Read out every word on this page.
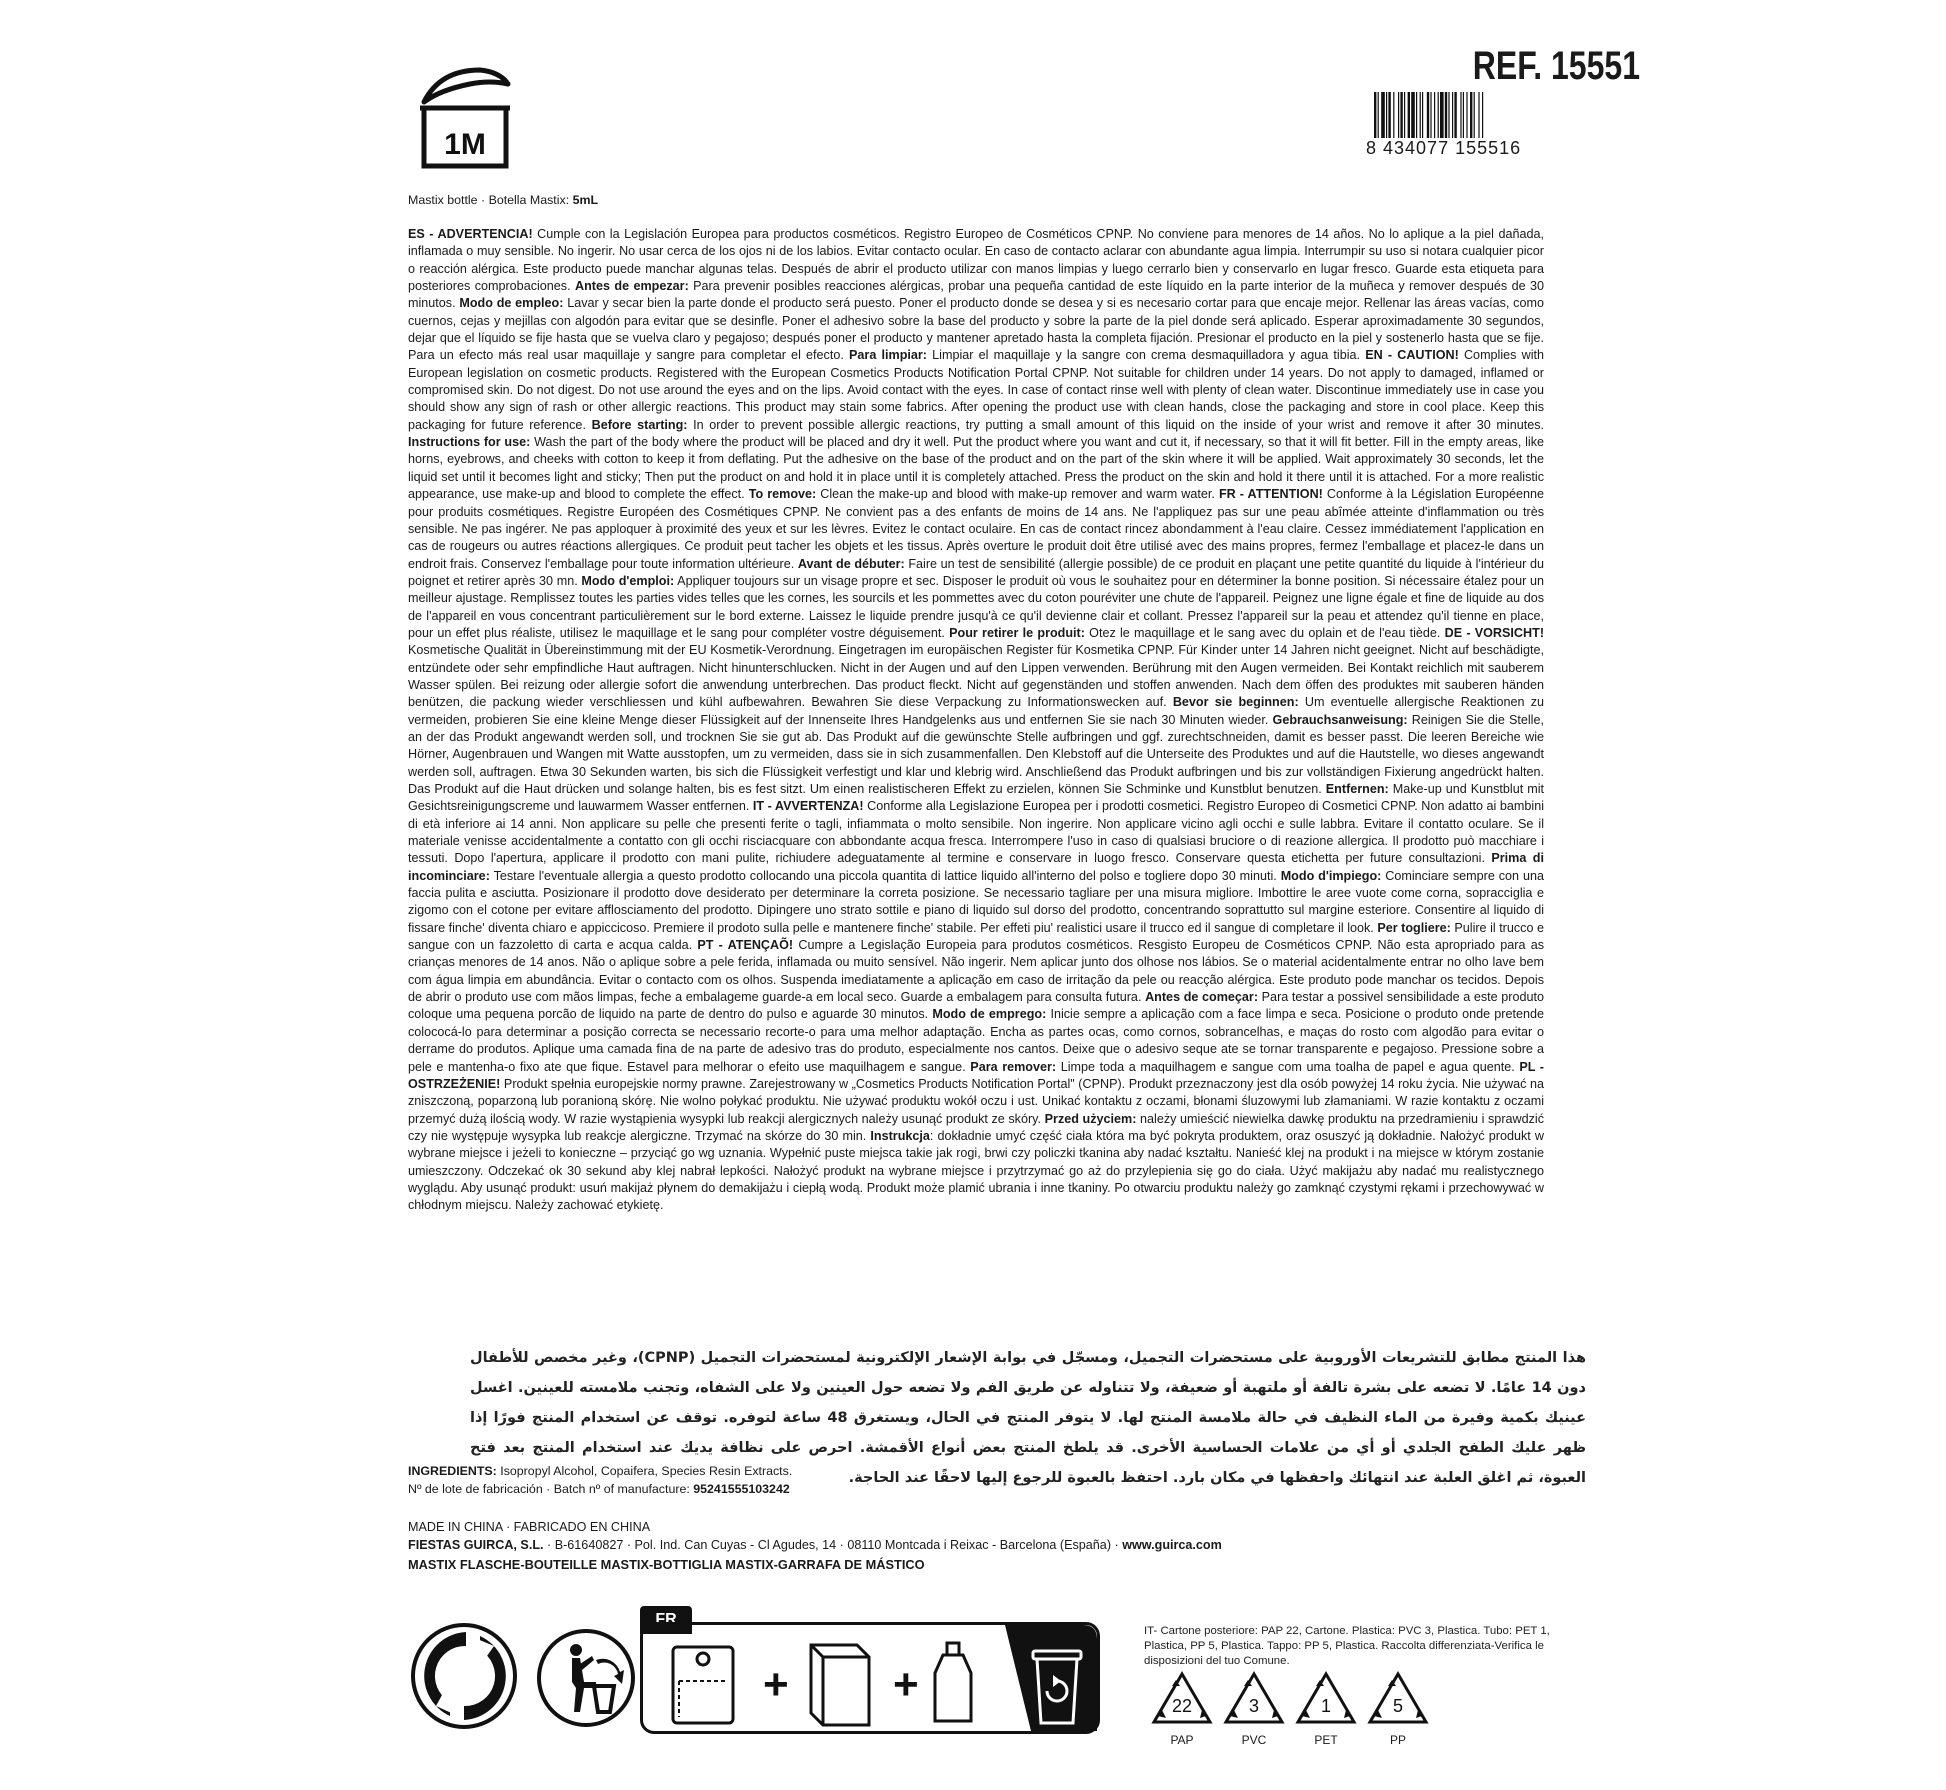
REF. 15551
8 434077 155516
1M
Mastix bottle · Botella Mastix: 5mL
ES - ADVERTENCIA! Cumple con la Legislación Europea para productos cosméticos. Registro Europeo de Cosméticos CPNP. No conviene para menores de 14 años. No lo aplique a la piel dañada, inflamada o muy sensible. No ingerir. No usar cerca de los ojos ni de los labios. Evitar contacto ocular. En caso de contacto aclarar con abundante agua limpia. Interrumpir su uso si notara cualquier picor o reacción alérgica. Este producto puede manchar algunas telas. Después de abrir el producto utilizar con manos limpias y luego cerrarlo bien y conservarlo en lugar fresco. Guarde esta etiqueta para posteriores comprobaciones. Antes de empezar: Para prevenir posibles reacciones alérgicas, probar una pequeña cantidad de este líquido en la parte interior de la muñeca y remover después de 30 minutos. Modo de empleo: Lavar y secar bien la parte donde el producto será puesto. Poner el producto donde se desea y si es necesario cortar para que encaje mejor. Rellenar las áreas vacías, como cuernos, cejas y mejillas con algodón para evitar que se desinfle. Poner el adhesivo sobre la base del producto y sobre la parte de la piel donde será aplicado. Esperar aproximadamente 30 segundos, dejar que el líquido se fije hasta que se vuelva claro y pegajoso; después poner el producto y mantener apretado hasta la completa fijación. Presionar el producto en la piel y sostenerlo hasta que se fije. Para un efecto más real usar maquillaje y sangre para completar el efecto. Para limpiar: Limpiar el maquillaje y la sangre con crema desmaquilladora y agua tibia. EN - CAUTION! Complies with European legislation on cosmetic products. Registered with the European Cosmetics Products Notification Portal CPNP. Not suitable for children under 14 years. Do not apply to damaged, inflamed or compromised skin. Do not digest. Do not use around the eyes and on the lips. Avoid contact with the eyes. In case of contact rinse well with plenty of clean water. Discontinue immediately use in case you should show any sign of rash or other allergic reactions. This product may stain some fabrics. After opening the product use with clean hands, close the packaging and store in cool place. Keep this packaging for future reference. Before starting: In order to prevent possible allergic reactions, try putting a small amount of this liquid on the inside of your wrist and remove it after 30 minutes. Instructions for use: Wash the part of the body where the product will be placed and dry it well. Put the product where you want and cut it, if necessary, so that it will fit better. Fill in the empty areas, like horns, eyebrows, and cheeks with cotton to keep it from deflating. Put the adhesive on the base of the product and on the part of the skin where it will be applied. Wait approximately 30 seconds, let the liquid set until it becomes light and sticky; Then put the product on and hold it in place until it is completely attached. Press the product on the skin and hold it there until it is attached. For a more realistic appearance, use make-up and blood to complete the effect. To remove: Clean the make-up and blood with make-up remover and warm water. FR - ATTENTION! Conforme à la Législation Européenne pour produits cosmétiques. Registre Européen des Cosmétiques CPNP. Ne convient pas a des enfants de moins de 14 ans. Ne l'appliquez pas sur une peau abîmée atteinte d'inflammation ou très sensible. Ne pas ingérer. Ne pas apploquer à proximité des yeux et sur les lèvres. Evitez le contact oculaire. En cas de contact rincez abondamment à l'eau claire. Cessez immédiatement l'application en cas de rougeurs ou autres réactions allergiques. Ce produit peut tacher les objets et les tissus. Après overture le produit doit être utilisé avec des mains propres, fermez l'emballage et placez-le dans un endroit frais. Conservez l'emballage pour toute information ultérieure. Avant de débuter: Faire un test de sensibilité (allergie possible) de ce produit en plaçant une petite quantité du liquide à l'intérieur du poignet et retirer après 30 mn. Modo d'emploi: Appliquer toujours sur un visage propre et sec. Disposer le produit où vous le souhaitez pour en déterminer la bonne position. Si nécessaire étalez pour un meilleur ajustage. Remplissez toutes les parties vides telles que les cornes, les sourcils et les pommettes avec du coton pouréviter une chute de l'appareil. Peignez une ligne égale et fine de liquide au dos de l'appareil en vous concentrant particulièrement sur le bord externe. Laissez le liquide prendre jusqu'à ce qu'il devienne clair et collant. Pressez l'appareil sur la peau et attendez qu'il tienne en place, pour un effet plus réaliste, utilisez le maquillage et le sang pour compléter vostre déguisement. Pour retirer le produit: Otez le maquillage et le sang avec du oplain et de l'eau tiède. DE - VORSICHT! Kosmetische Qualität in Übereinstimmung mit der EU Kosmetik-Verordnung. Eingetragen im europäischen Register für Kosmetika CPNP. Für Kinder unter 14 Jahren nicht geeignet. Nicht auf beschädigte, entzündete oder sehr empfindliche Haut auftragen. Nicht hinunterschlucken. Nicht in der Augen und auf den Lippen verwenden. Berührung mit den Augen vermeiden. Bei Kontakt reichlich mit sauberem Wasser spülen. Bei reizung oder allergie sofort die anwendung unterbrechen. Das product fleckt. Nicht auf gegenständen und stoffen anwenden. Nach dem öffen des produktes mit sauberen händen benützen, die packung wieder verschliessen und kühl aufbewahren. Bewahren Sie diese Verpackung zu Informationswecken auf. Bevor sie beginnen: Um eventuelle allergische Reaktionen zu vermeiden, probieren Sie eine kleine Menge dieser Flüssigkeit auf der Innenseite Ihres Handgelenks aus und entfernen Sie sie nach 30 Minuten wieder. Gebrauchsanweisung: Reinigen Sie die Stelle, an der das Produkt angewandt werden soll, und trocknen Sie sie gut ab. Das Produkt auf die gewünschte Stelle aufbringen und ggf. zurechtschneiden, damit es besser passt. Die leeren Bereiche wie Hörner, Augenbrauen und Wangen mit Watte ausstopfen, um zu vermeiden, dass sie in sich zusammenfallen. Den Klebstoff auf die Unterseite des Produktes und auf die Hautstelle, wo dieses angewandt werden soll, auftragen. Etwa 30 Sekunden warten, bis sich die Flüssigkeit verfestigt und klar und klebrig wird. Anschließend das Produkt aufbringen und bis zur vollständigen Fixierung angedrückt halten. Das Produkt auf die Haut drücken und solange halten, bis es fest sitzt. Um einen realistischeren Effekt zu erzielen, können Sie Schminke und Kunstblut benutzen. Entfernen: Make-up und Kunstblut mit Gesichtsreinigungscreme und lauwarmem Wasser entfernen. IT - AVVERTENZA! Conforme alla Legislazione Europea per i prodotti cosmetici. Registro Europeo di Cosmetici CPNP. Non adatto ai bambini di età inferiore ai 14 anni. Non applicare su pelle che presenti ferite o tagli, infiammata o molto sensibile. Non ingerire. Non applicare vicino agli occhi e sulle labbra. Evitare il contatto oculare. Se il materiale venisse accidentalmente a contatto con gli occhi risciacquare con abbondante acqua fresca. Interrompere l'uso in caso di qualsiasi bruciore o di reazione allergica. Il prodotto può macchiare i tessuti. Dopo l'apertura, applicare il prodotto con mani pulite, richiudere adeguatamente al termine e conservare in luogo fresco. Conservare questa etichetta per future consultazioni. Prima di incominciare: Testare l'eventuale allergia a questo prodotto collocando una piccola quantita di lattice liquido all'interno del polso e togliere dopo 30 minuti. Modo d'impiego: Cominciare sempre con una faccia pulita e asciutta. Posizionare il prodotto dove desiderato per determinare la correta posizione. Se necessario tagliare per una misura migliore. Imbottire le aree vuote come corna, sopracciglia e zigomo con el cotone per evitare afflosciamento del prodotto. Dipingere uno strato sottile e piano di liquido sul dorso del prodotto, concentrando soprattutto sul margine esteriore. Consentire al liquido di fissare finche' diventa chiaro e appiccicoso. Premiere il prodoto sulla pelle e mantenere finche' stabile. Per effeti piu' realistici usare il trucco ed il sangue di completare il look. Per togliere: Pulire il trucco e sangue con un fazzoletto di carta e acqua calda. PT - ATENÇAÕ! Cumpre a Legislação Europeia para produtos cosméticos. Resgisto Europeu de Cosméticos CPNP. Não esta apropriado para as crianças menores de 14 anos. Não o aplique sobre a pele ferida, inflamada ou muito sensível. Não ingerir. Nem aplicar junto dos olhose nos lábios. Se o material acidentalmente entrar no olho lave bem com água limpia em abundância. Evitar o contacto com os olhos. Suspenda imediatamente a aplicação em caso de irritação da pele ou reacção alérgica. Este produto pode manchar os tecidos. Depois de abrir o produto use com mãos limpas, feche a embalageme guarde-a em local seco. Guarde a embalagem para consulta futura. Antes de começar: Para testar a possivel sensibilidade a este produto coloque uma pequena porcão de liquido na parte de dentro do pulso e aguarde 30 minutos. Modo de emprego: Inicie sempre a aplicação com a face limpa e seca. Posicione o produto onde pretende colococá-lo para determinar a posição correcta se necessario recorte-o para uma melhor adaptação. Encha as partes ocas, como cornos, sobrancelhas, e maças do rosto com algodão para evitar o derrame do produtos. Aplique uma camada fina de na parte de adesivo tras do produto, especialmente nos cantos. Deixe que o adesivo seque ate se tornar transparente e pegajoso. Pressione sobre a pele e mantenha-o fixo ate que fique. Estavel para melhorar o efeito use maquilhagem e sangue. Para remover: Limpe toda a maquilhagem e sangue com uma toalha de papel e agua quente. PL - OSTRZEŻENIE! Produkt spełnia europejskie normy prawne. Zarejestrowany w „Cosmetics Products Notification Portal" (CPNP). Produkt przeznaczony jest dla osób powyżej 14 roku życia. Nie używać na zniszczoną, poparzoną lub poranioną skórę. Nie wolno połykać produktu. Nie używać produktu wokół oczu i ust. Unikać kontaktu z oczami, błonami śluzowymi lub złamaniami. W razie kontaktu z oczami przemyć dużą ilością wody. W razie wystąpienia wysypki lub reakcji alergicznych należy usunąć produkt ze skóry. Przed użyciem: należy umieścić niewielka dawkę produktu na przedramieniu i sprawdzić czy nie występuje wysypka lub reakcje alergiczne. Trzymać na skórze do 30 min. Instrukcja: dokładnie umyć część ciała która ma być pokryta produktem, oraz osuszyć ją dokładnie. Nałożyć produkt w wybrane miejsce i jeżeli to konieczne – przyciąć go wg uznania. Wypełnić puste miejsca takie jak rogi, brwi czy policzki tkanina aby nadać kształtu. Nanieść klej na produkt i na miejsce w którym zostanie umieszczony. Odczekać ok 30 sekund aby klej nabrał lepkości. Nałożyć produkt na wybrane miejsce i przytrzymać go aż do przylepienia się go do ciała. Użyć makijażu aby nadać mu realistycznego wyglądu. Aby usunąć produkt: usuń makijaż płynem do demakijażu i ciepłą wodą. Produkt może plamić ubrania i inne tkaniny. Po otwarciu produktu należy go zamknąć czystymi rękami i przechowywać w chłodnym miejscu. Należy zachować etykietę.
هذا المنتج مطابق للتشريعات الأوروبية على مستحضرات التجميل، ومسجّل في بوابة الإشعار الإلكترونية لمستحضرات التجميل (CPNP)، وغير مخصص للأطفال دون 14 عامًا. لا تضعه على بشرة تالفة أو ملتهبة أو ضعيفة، ولا تتناوله عن طريق الفم ولا تضعه حول العينين ولا على الشفاه، وتجنب ملامسته للعينين. اغسل عينيك بكمية وفيرة من الماء النظيف في حالة ملامسة المنتج لها. لا يتوفر المنتج في الحال، ويستغرق 48 ساعة لتوفره. توقف عن استخدام المنتج فورًا إذا ظهر عليك الطفح الجلدي أو أي من علامات الحساسية الأخرى. قد يلطخ المنتج بعض أنواع الأقمشة. احرص على نظافة يديك عند استخدام المنتج بعد فتح العبوة، ثم اغلق العلبة عند انتهائك واحفظها في مكان بارد. احتفظ بالعبوة للرجوع إليها لاحقًا عند الحاجة.
INGREDIENTS: Isopropyl Alcohol, Copaifera, Species Resin Extracts.
Nº de lote de fabricación · Batch nº of manufacture: 95241555103242
MADE IN CHINA · FABRICADO EN CHINA
FIESTAS GUIRCA, S.L. · B-61640827 · Pol. Ind. Can Cuyas - Cl Agudes, 14 · 08110 Montcada i Reixac - Barcelona (España) · www.guirca.com
MASTIX FLASCHE-BOUTEILLE MASTIX-BOTTIGLIA MASTIX-GARRAFA DE MÁSTICO
FR
+ +
IT- Cartone posteriore: PAP 22, Cartone. Plastica: PVC 3, Plastica. Tubo: PET 1, Plastica, PP 5, Plastica. Tappo: PP 5, Plastica. Raccolta differenziata-Verifica le disposizioni del tuo Comune.
22
PAP
3
PVC
1
PET
5
PP
